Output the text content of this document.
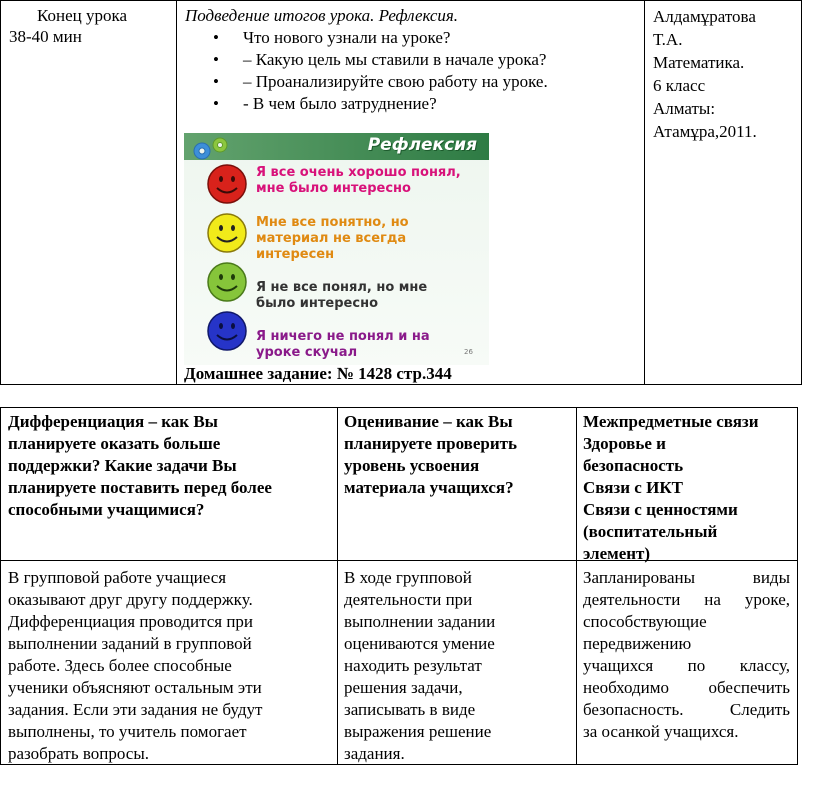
Конец урока
38-40 мин
Подведение итогов урока. Рефлексия.
• Что нового узнали на уроке?
• – Какую цель мы ставили в начале урока?
• – Проанализируйте свою работу на уроке.
• - В чем было затруднение?
Алдамұратова
Т.А.
Математика.
6 класс
Алматы:
Атамұра,2011.
Рефлексия
Я все очень хорошо понял,
мне было интересно
Мне все понятно, но
материал не всегда
интересен
Я не все понял, но мне
было интересно
Я ничего не понял и на
уроке скучал	26
Домашнее задание: № 1428 стр.344
Дифференциация – как Вы
планируете оказать больше
поддержки? Какие задачи Вы
планируете поставить перед более
способными учащимися?
Оценивание – как Вы
планируете проверить
уровень усвоения
материала учащихся?
Межпредметные связи
Здоровье и
безопасность
Связи с ИКТ
Связи с ценностями
(воспитательный
элемент)
В групповой работе учащиеся
оказывают друг другу поддержку.
Дифференциация проводится при
выполнении заданий в групповой
работе. Здесь более способные
ученики объясняют остальным эти
задания. Если эти задания не будут
выполнены, то учитель помогает
разобрать вопросы.
В ходе групповой
деятельности при
выполнении задании
оцениваются умение
находить результат
решения задачи,
записывать в виде
выражения решение
задания.
Запланированы виды
деятельности на уроке,
способствующие
передвижению
учащихся по классу,
необходимо обеспечить
безопасность. Следить
за осанкой учащихся.
